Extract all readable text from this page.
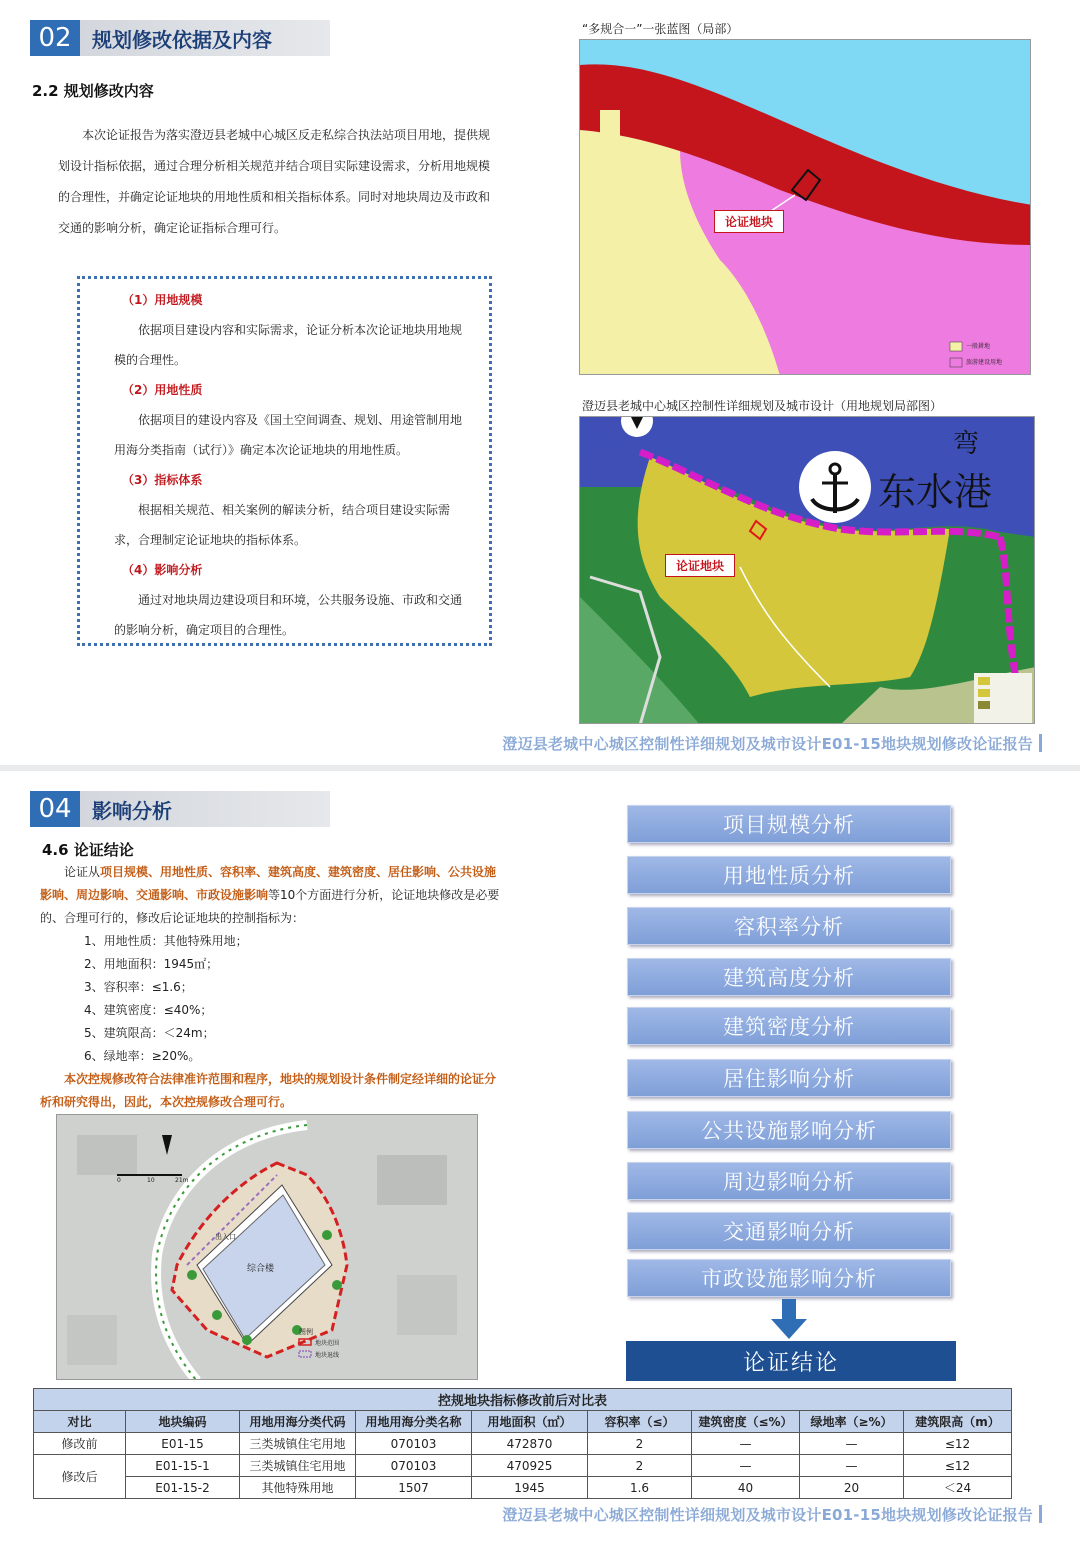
02	规划修改依据及内容
2.2 规划修改内容
本次论证报告为落实澄迈县老城中心城区反走私综合执法站项目用地，提供规划设计指标依据，通过合理分析相关规范并结合项目实际建设需求，分析用地规模的合理性，并确定论证地块的用地性质和相关指标体系。同时对地块周边及市政和交通的影响分析，确定论证指标合理可行。
（1）用地规模
依据项目建设内容和实际需求，论证分析本次论证地块用地规模的合理性。
（2）用地性质
依据项目的建设内容及《国土空间调查、规划、用途管制用地用海分类指南（试行）》确定本次论证地块的用地性质。
（3）指标体系
根据相关规范、相关案例的解读分析，结合项目建设实际需求，合理制定论证地块的指标体系。
（4）影响分析
通过对地块周边建设项目和环境，公共服务设施、市政和交通的影响分析，确定项目的合理性。
“多规合一”一张蓝图（局部）
论证地块
一般耕地
旅游建设用地
澄迈县老城中心城区控制性详细规划及城市设计（用地规划局部图）
东水港
弯
论证地块
澄迈县老城中心城区控制性详细规划及城市设计E01-15地块规划修改论证报告
04	影响分析
4.6 论证结论
论证从项目规模、用地性质、容积率、建筑高度、建筑密度、居住影响、公共设施影响、周边影响、交通影响、市政设施影响等10个方面进行分析，论证地块修改是必要的、合理可行的，修改后论证地块的控制指标为：
1、用地性质：其他特殊用地；
2、用地面积：1945㎡；
3、容积率：≤1.6；
4、建筑密度：≤40%；
5、建筑限高：＜24m；
6、绿地率：≥20%。
本次控规修改符合法律准许范围和程序，地块的规划设计条件制定经详细的论证分析和研究得出，因此，本次控规修改合理可行。
综合楼
出入口
图例
地块范围
地块退线
0	10	21m
项目规模分析
用地性质分析
容积率分析
建筑高度分析
建筑密度分析
居住影响分析
公共设施影响分析
周边影响分析
交通影响分析
市政设施影响分析
论证结论
控规地块指标修改前后对比表								
对比	地块编码	用地用海分类代码	用地用海分类名称	用地面积（㎡）	容积率（≤）	建筑密度（≤%）	绿地率（≥%）	建筑限高（m）
修改前	E01-15	三类城镇住宅用地	070103	472870	2	—	—	≤12
修改后	E01-15-1	三类城镇住宅用地	070103	470925	2	—	—	≤12
	E01-15-2	其他特殊用地	1507	1945	1.6	40	20	＜24
澄迈县老城中心城区控制性详细规划及城市设计E01-15地块规划修改论证报告
